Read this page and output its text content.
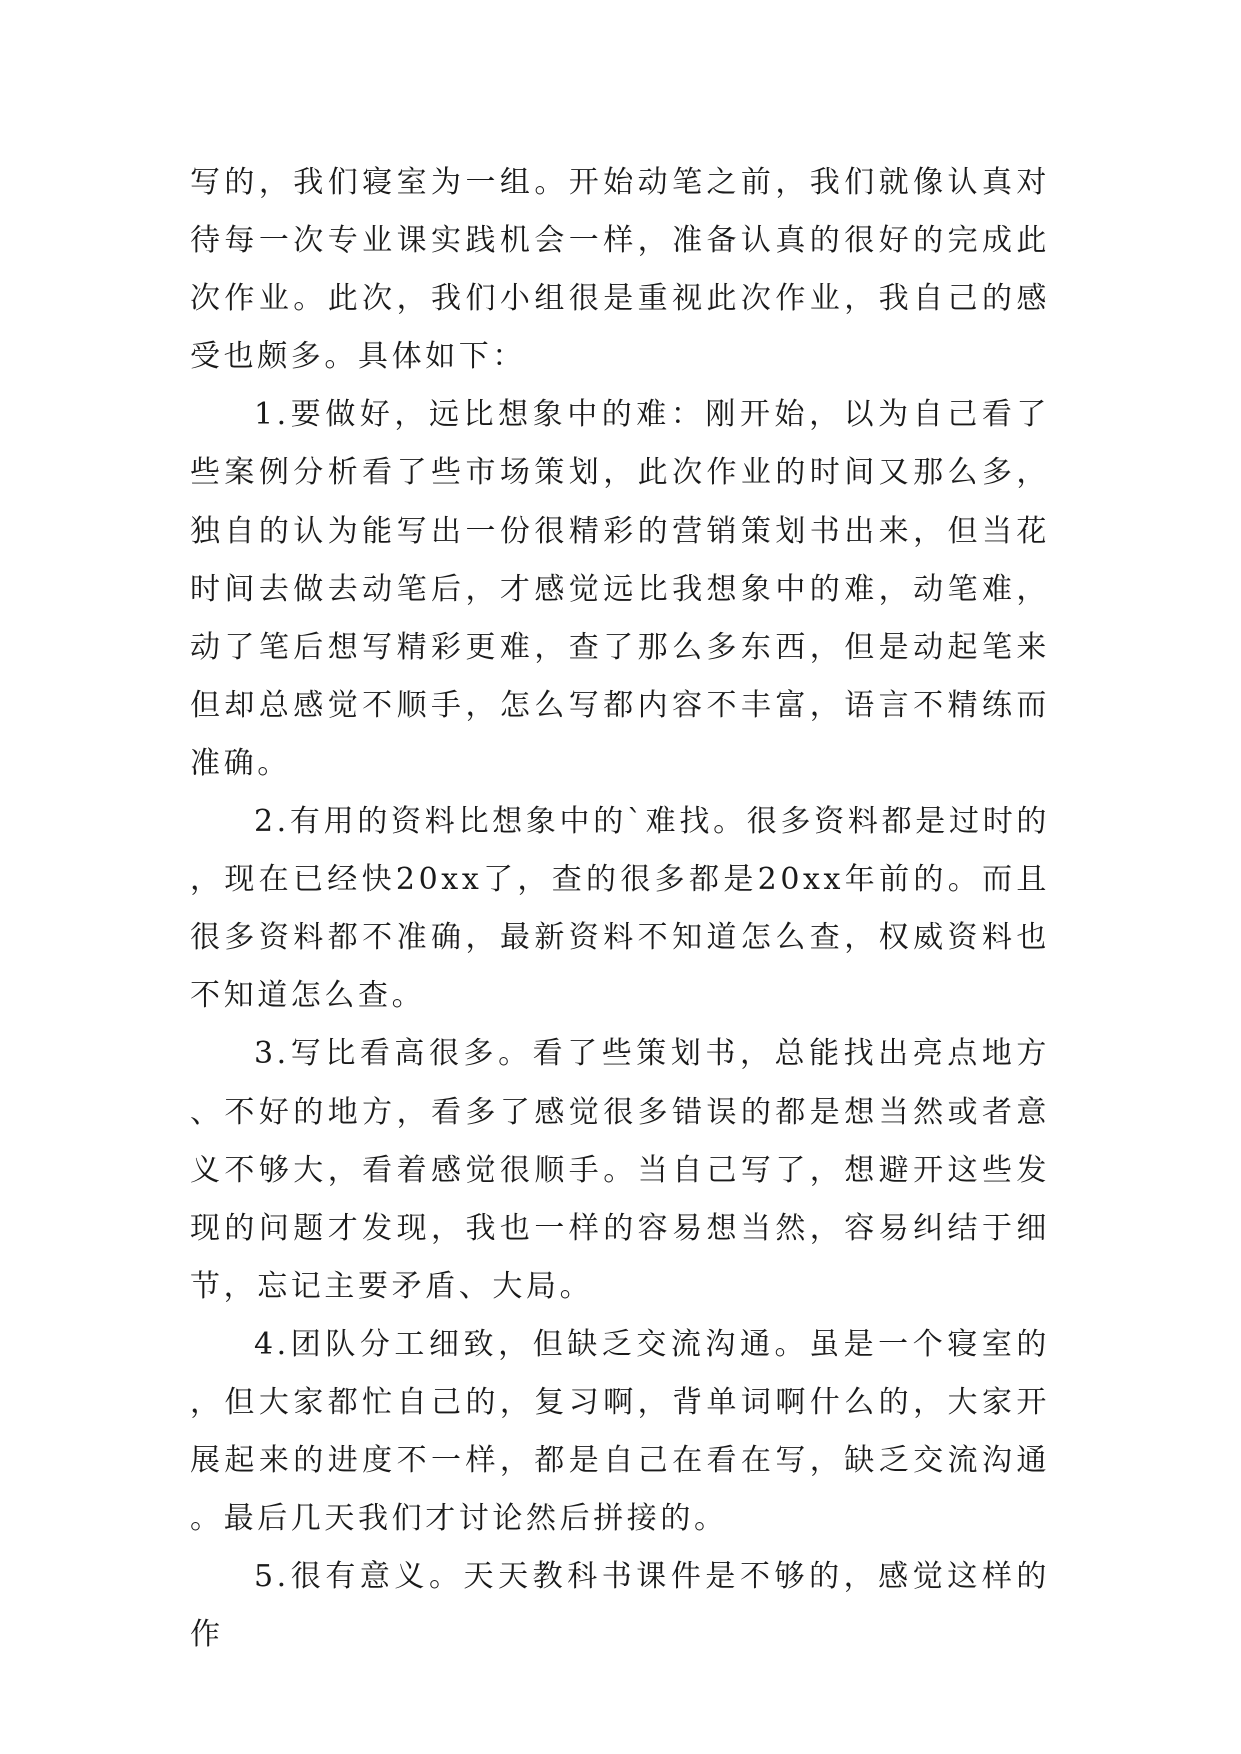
写的，我们寝室为一组。开始动笔之前，我们就像认真对待每一次专业课实践机会一样，准备认真的很好的完成此次作业。此次，我们小组很是重视此次作业，我自己的感受也颇多。具体如下：

1.要做好，远比想象中的难：刚开始，以为自己看了些案例分析看了些市场策划，此次作业的时间又那么多，独自的认为能写出一份很精彩的营销策划书出来，但当花时间去做去动笔后，才感觉远比我想象中的难，动笔难，动了笔后想写精彩更难，查了那么多东西，但是动起笔来但却总感觉不顺手，怎么写都内容不丰富，语言不精练而准确。

2.有用的资料比想象中的`难找。很多资料都是过时的，现在已经快20xx了，查的很多都是20xx年前的。而且很多资料都不准确，最新资料不知道怎么查，权威资料也不知道怎么查。

3.写比看高很多。看了些策划书，总能找出亮点地方、不好的地方，看多了感觉很多错误的都是想当然或者意义不够大，看着感觉很顺手。当自己写了，想避开这些发现的问题才发现，我也一样的容易想当然，容易纠结于细节，忘记主要矛盾、大局。

4.团队分工细致，但缺乏交流沟通。虽是一个寝室的，但大家都忙自己的，复习啊，背单词啊什么的，大家开展起来的进度不一样，都是自己在看在写，缺乏交流沟通。最后几天我们才讨论然后拼接的。

5.很有意义。天天教科书课件是不够的，感觉这样的作
